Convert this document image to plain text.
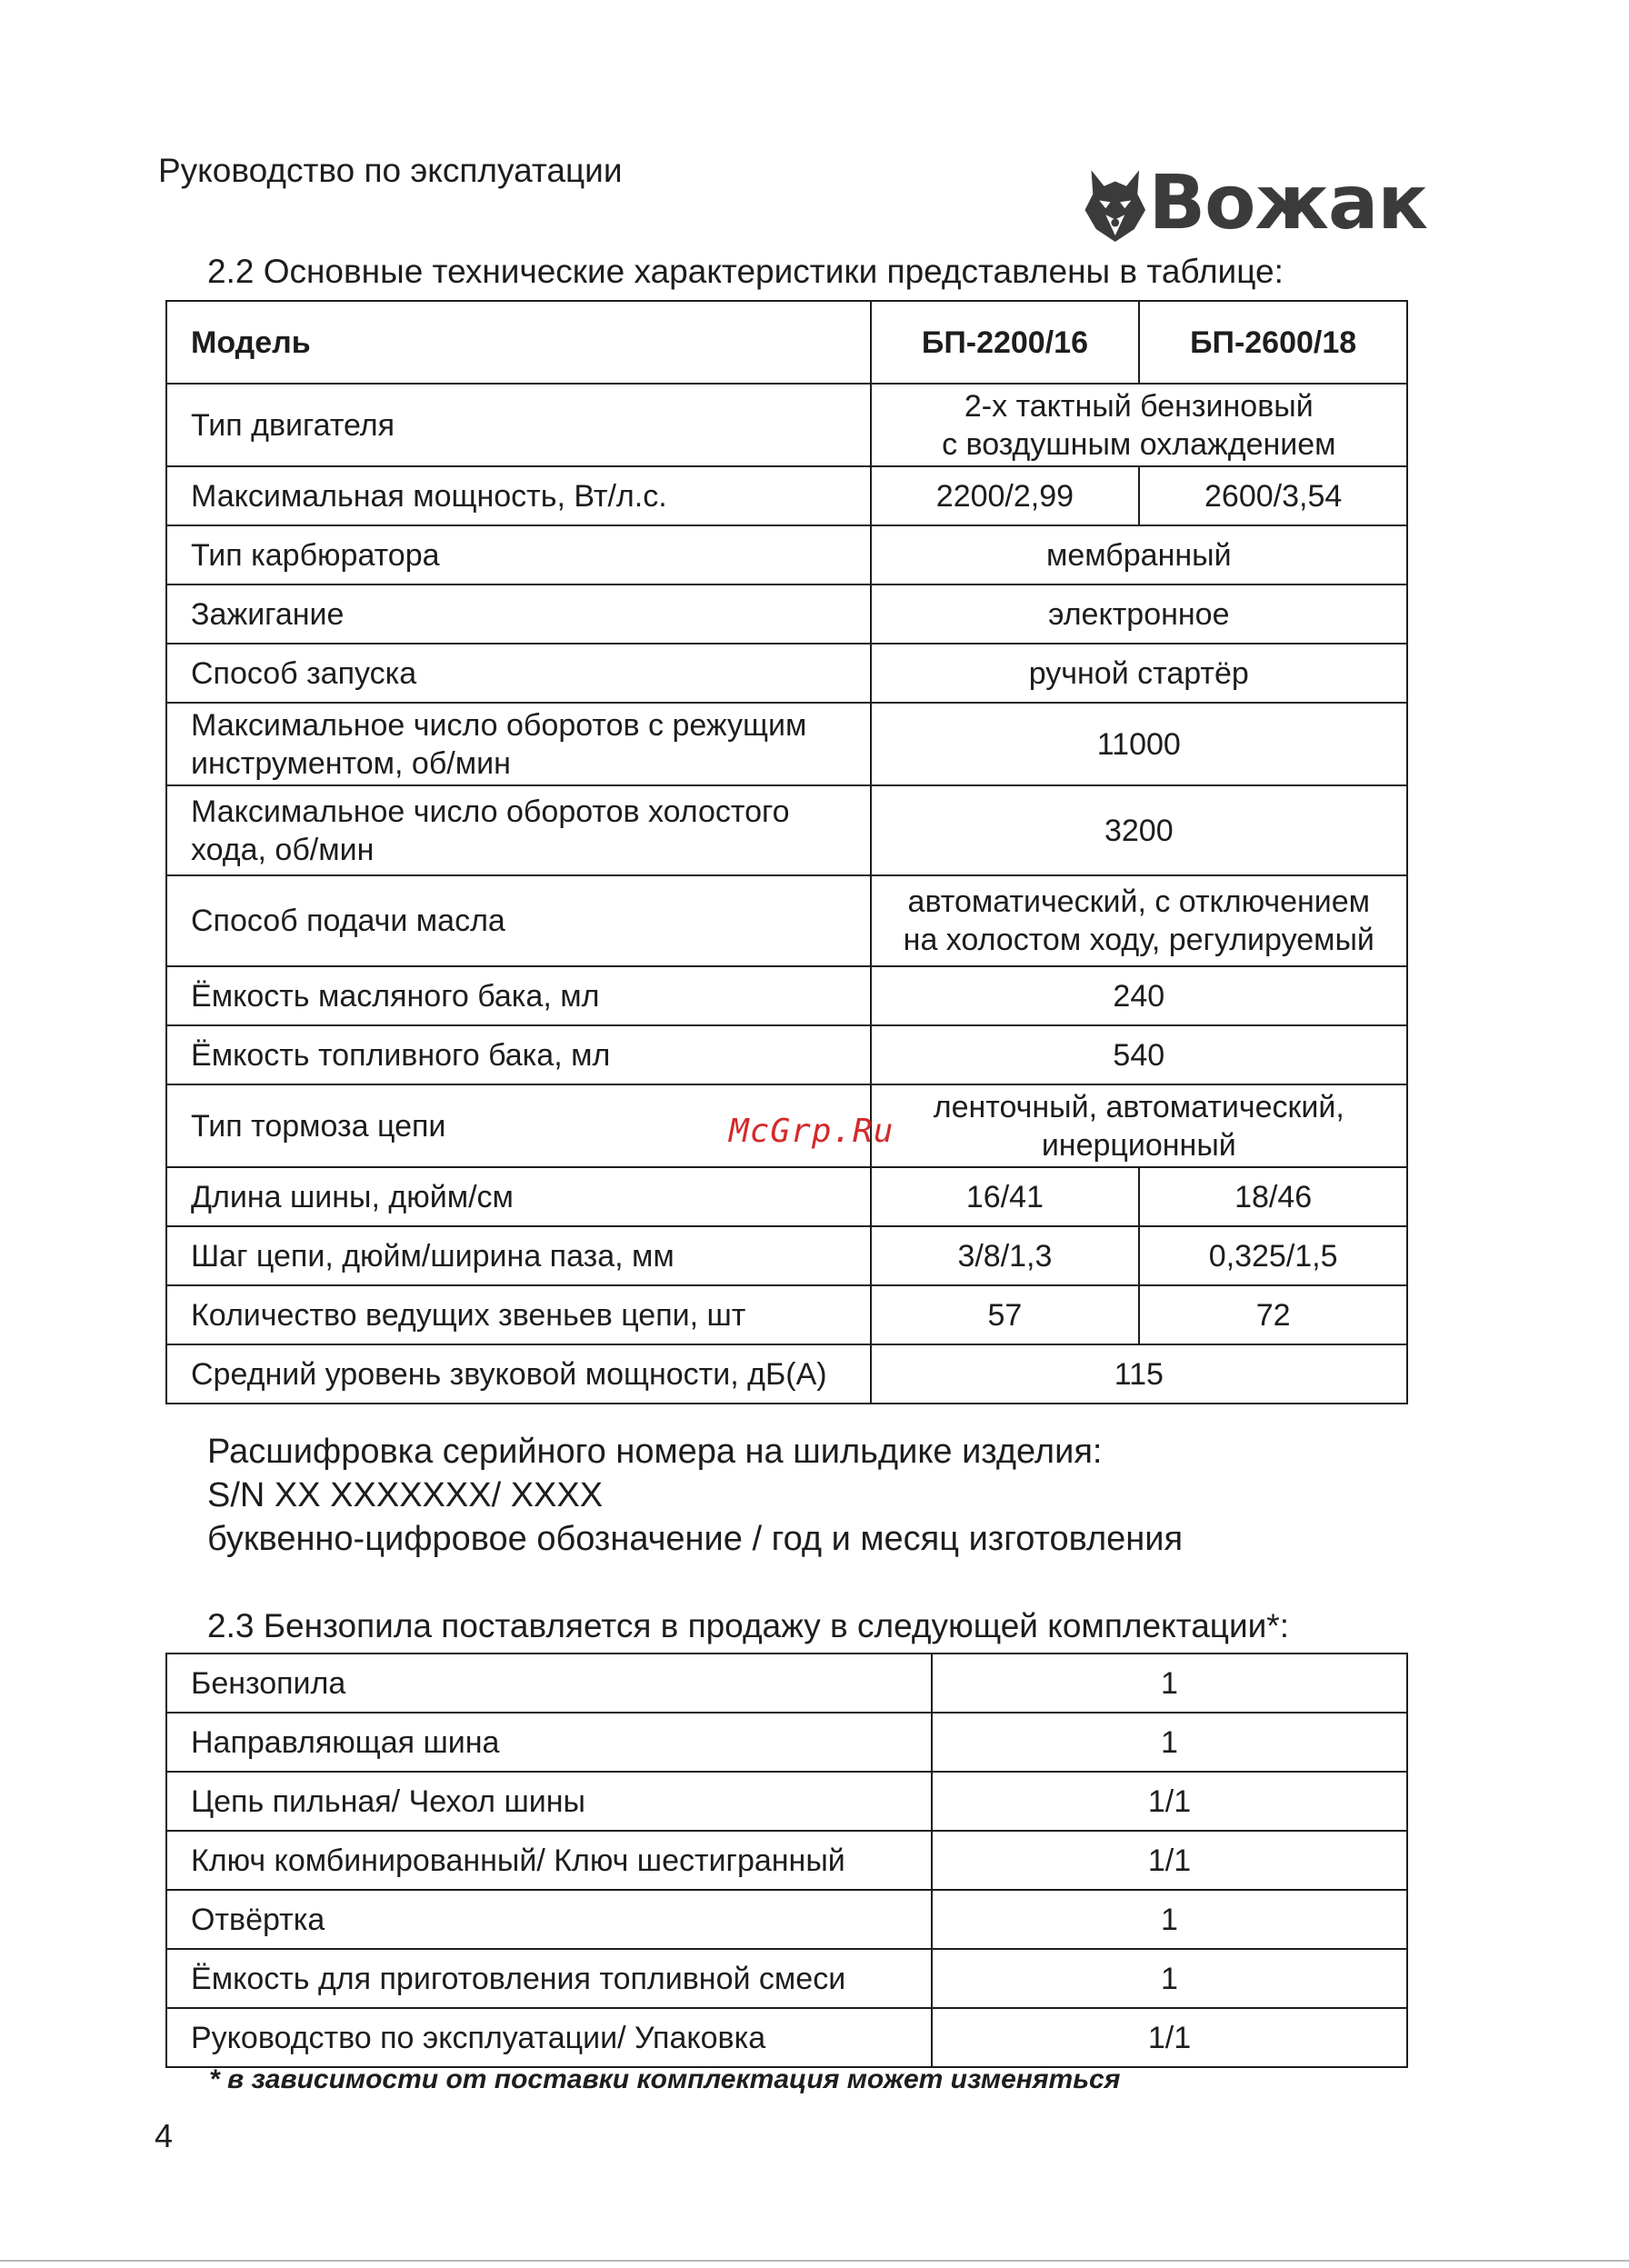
Руководство по эксплуатации	Вожак
2.2 Основные технические характеристики представлены в таблице:
Модель	БП-2200/16	БП-2600/18
Тип двигателя	2-х тактный бензиновый
с воздушным охлаждением	
Максимальная мощность, Вт/л.с.	2200/2,99	2600/3,54
Тип карбюратора	мембранный	
Зажигание	электронное	
Способ запуска	ручной стартёр	
Максимальное число оборотов с режущим
инструментом, об/мин	11000	
Максимальное число оборотов холостого
хода, об/мин	3200	
Способ подачи масла	автоматический, с отключением
на холостом ходу, регулируемый	
Ёмкость масляного бака, мл	240	
Ёмкость топливного бака, мл	540	
Тип тормоза цепи	ленточный, автоматический,
инерционный	
Длина шины, дюйм/см	16/41	18/46
Шаг цепи, дюйм/ширина паза, мм	3/8/1,3	0,325/1,5
Количество ведущих звеньев цепи, шт	57	72
Средний уровень звуковой мощности, дБ(А)	115	
Расшифровка серийного номера на шильдике изделия:
S/N XX XXXXXXX/ XXXX
буквенно-цифровое обозначение / год и месяц изготовления
2.3 Бензопила поставляется в продажу в следующей комплектации*:
Бензопила	1
Направляющая шина	1
Цепь пильная/ Чехол шины	1/1
Ключ комбинированный/ Ключ шестигранный	1/1
Отвёртка	1
Ёмкость для приготовления топливной смеси	1
Руководство по эксплуатации/ Упаковка	1/1
* в зависимости от поставки комплектация может изменяться
McGrp.Ru
4
